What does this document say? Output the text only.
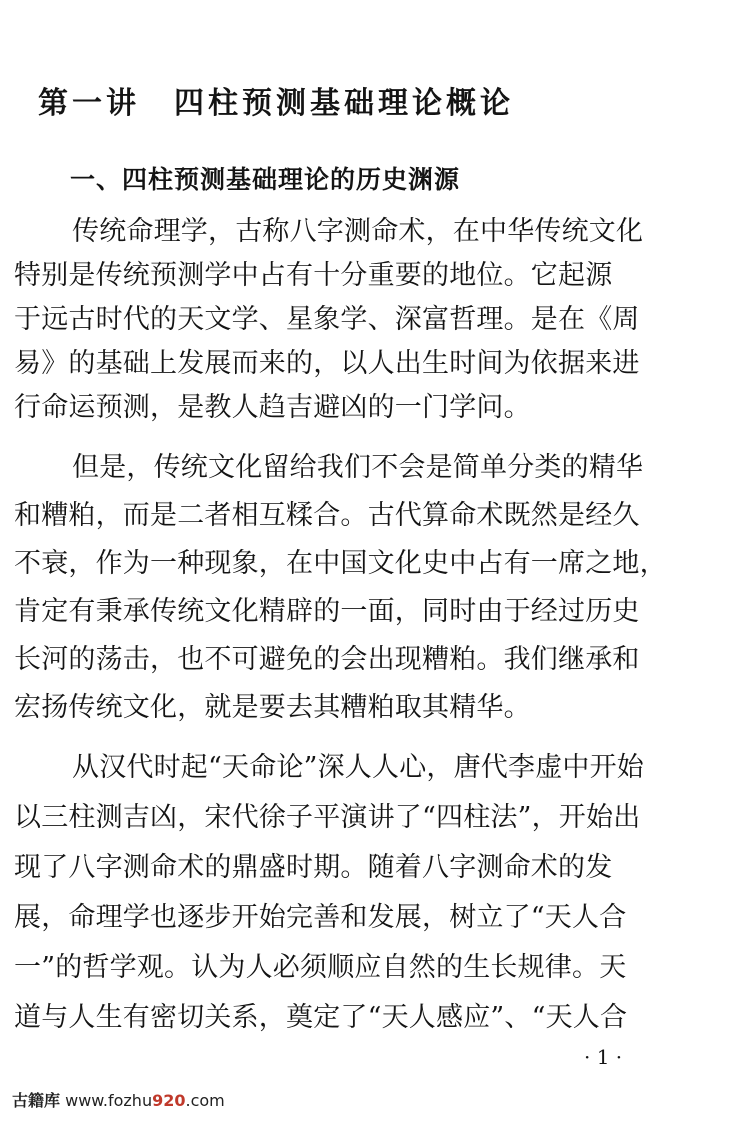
第一讲　四柱预测基础理论概论
一、四柱预测基础理论的历史渊源
传统命理学，古称八字测命术，在中华传统文化
特别是传统预测学中占有十分重要的地位。它起源
于远古时代的天文学、星象学、深富哲理。是在《周
易》的基础上发展而来的，以人出生时间为依据来进
行命运预测，是教人趋吉避凶的一门学问。
但是，传统文化留给我们不会是简单分类的精华
和糟粕，而是二者相互糅合。古代算命术既然是经久
不衰，作为一种现象，在中国文化史中占有一席之地，
肯定有秉承传统文化精辟的一面，同时由于经过历史
长河的荡击，也不可避免的会出现糟粕。我们继承和
宏扬传统文化，就是要去其糟粕取其精华。
从汉代时起“天命论”深人人心，唐代李虚中开始
以三柱测吉凶，宋代徐子平演讲了“四柱法”，开始出
现了八字测命术的鼎盛时期。随着八字测命术的发
展，命理学也逐步开始完善和发展，树立了“天人合
一”的哲学观。认为人必须顺应自然的生长规律。天
道与人生有密切关系，奠定了“天人感应”、“天人合
· 1 ·
古籍库 www.fozhu920.com
